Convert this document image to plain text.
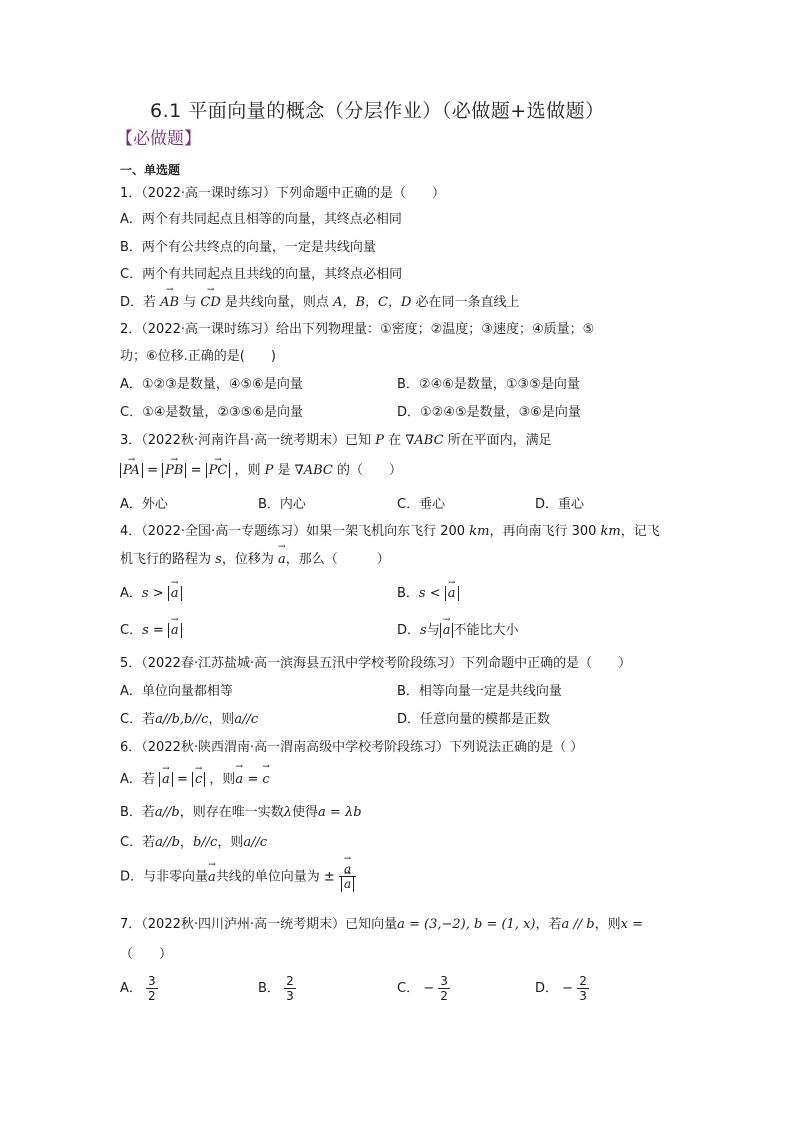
6.1 平面向量的概念（分层作业）（必做题+选做题）
【必做题】
一、单选题
1．（2022·高一课时练习）下列命题中正确的是（　　）
A．两个有共同起点且相等的向量，其终点必相同
B．两个有公共终点的向量，一定是共线向量
C．两个有共同起点且共线的向量，其终点必相同
D．若 → AB 与 → CD 是共线向量，则点 A，B，C，D 必在同一条直线上
2．（2022·高一课时练习）给出下列物理量：①密度；②温度；③速度；④质量；⑤
功；⑥位移.正确的是(　　)
A．①②③是数量，④⑤⑥是向量	B．②④⑥是数量，①③⑤是向量
C．①④是数量，②③⑤⑥是向量	D．①②④⑤是数量，③⑥是向量
3．（2022秋·河南许昌·高一统考期末）已知 P 在 ∇ABC 所在平面内，满足
→ PA = → PB = → PC ，则 P 是 ∇ABC 的（　　）
A．外心	B．内心	C．垂心	D．重心
4．（2022·全国·高一专题练习）如果一架飞机向东飞行 200 km，再向南飞行 300 km，记飞
机飞行的路程为 s，位移为 → a，那么（　　　）
A．s > → a	B．s < → a
C．s = → a	D．s与 → a 不能比大小
5．（2022春·江苏盐城·高一滨海县五汛中学校考阶段练习）下列命题中正确的是（　　）
A．单位向量都相等	B．相等向量一定是共线向量
C．若a//b,b//c，则a//c	D．任意向量的模都是正数
6．（2022秋·陕西渭南·高一渭南高级中学校考阶段练习）下列说法正确的是（ ）
A．若 → a = → c ，则→ a = → c
B．若a//b，则存在唯一实数λ使得a = λb
C．若a//b，b//c，则a//c
D．与非零向量→ a共线的单位向量为 ± → a
→ a
7．（2022秋·四川泸州·高一统考期末）已知向量a = (3,−2), b = (1, x)，若a // b，则x =
（　　）
A． $\frac{3}{2}$	B． $\frac{2}{3}$	C． − $\frac{3}{2}$	D． − $\frac{2}{3}$
